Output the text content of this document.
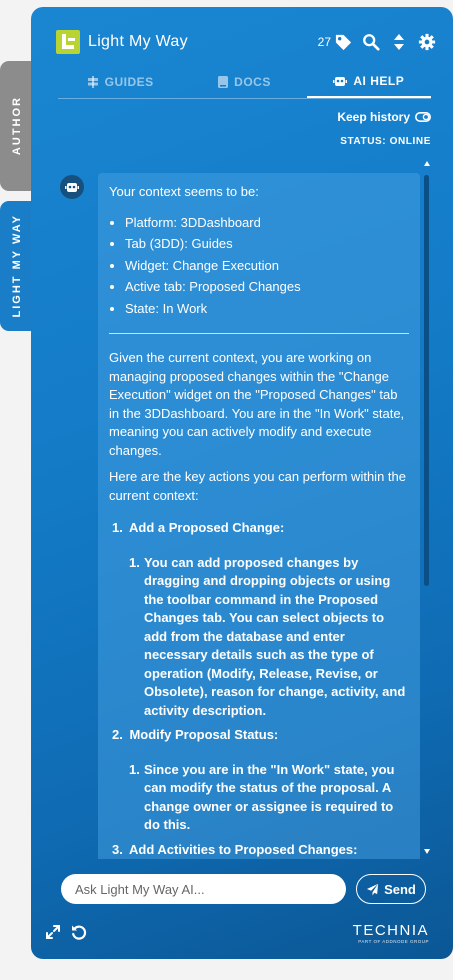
AUTHOR
LIGHT MY WAY
Light My Way	27
GUIDES	DOCS	AI HELP
Keep history
STATUS: ONLINE

Your context seems to be:

• Platform: 3DDashboard
• Tab (3DD): Guides
• Widget: Change Execution
• Active tab: Proposed Changes
• State: In Work

Given the current context, you are working on managing proposed changes within the "Change Execution" widget on the "Proposed Changes" tab in the 3DDashboard. You are in the "In Work" state, meaning you can actively modify and execute changes.

Here are the key actions you can perform within the current context:

1. Add a Proposed Change:
1. You can add proposed changes by dragging and dropping objects or using the toolbar command in the Proposed Changes tab. You can select objects to add from the database and enter necessary details such as the type of operation (Modify, Release, Revise, or Obsolete), reason for change, activity, and activity description.
2. Modify Proposal Status:
1. Since you are in the "In Work" state, you can modify the status of the proposal. A change owner or assignee is required to do this.
3. Add Activities to Proposed Changes:
Ask Light My Way AI...
Send
TECHNIA
PART OF ADDNODE GROUP
